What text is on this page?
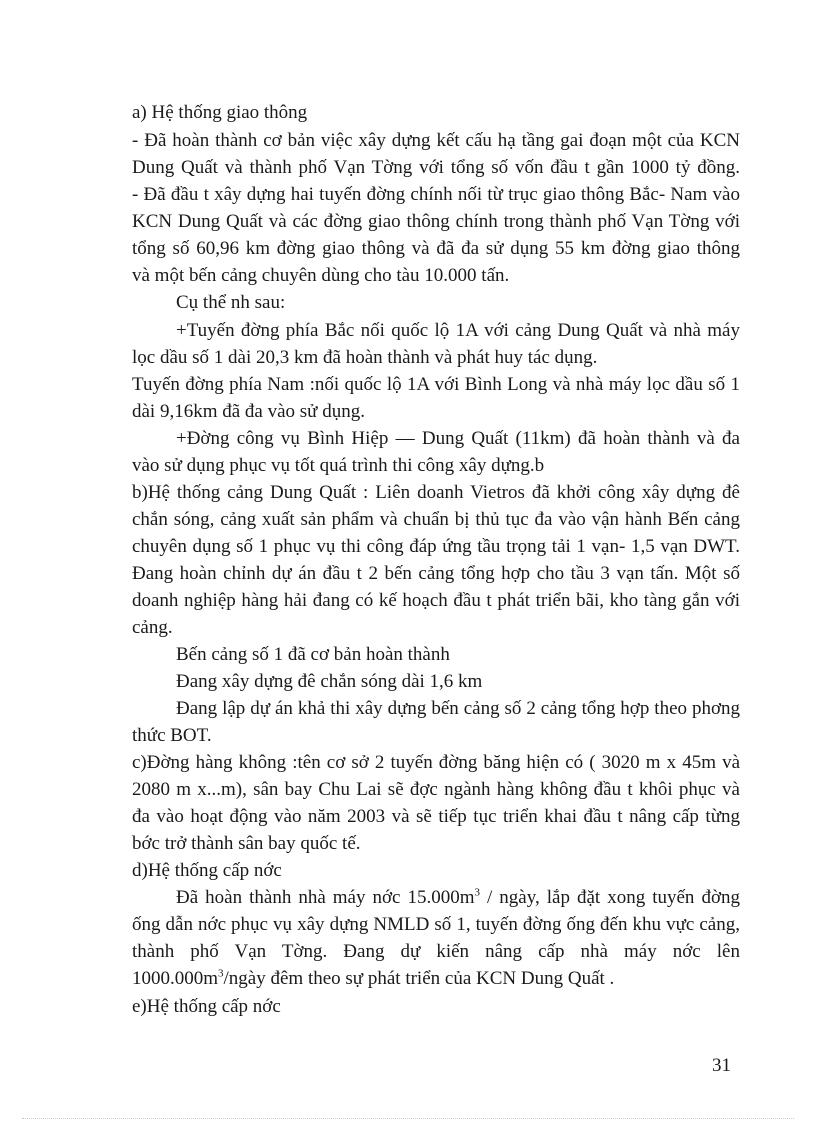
a) Hệ thống giao thông
- Đã hoàn thành cơ bản việc xây dựng kết cấu hạ tầng gai đoạn một của KCN
Dung Quất và thành phố Vạn Tờng với tổng số vốn đầu t gần 1000 tỷ đồng.
- Đã đầu t xây dựng hai tuyến đờng chính nối từ trục giao thông Bắc- Nam vào
KCN Dung Quất và các đờng giao thông chính trong thành phố Vạn Tờng với
tổng số 60,96 km đờng giao thông và đã đa sử dụng 55 km đờng giao thông
và một bến cảng chuyên dùng cho tàu 10.000 tấn.
Cụ thể nh sau:
+Tuyến đờng phía Bắc nối quốc lộ 1A với cảng Dung Quất và nhà máy
lọc dầu số 1 dài 20,3 km đã hoàn thành và phát huy tác dụng.
Tuyến đờng phía Nam :nối quốc lộ 1A với Bình Long và nhà máy lọc dầu số 1
dài 9,16km đã đa vào sử dụng.
+Đờng công vụ Bình Hiệp — Dung Quất (11km) đã hoàn thành và đa
vào sử dụng phục vụ tốt quá trình thi công xây dựng.b
b)Hệ thống cảng Dung Quất : Liên doanh Vietros đã khởi công xây dựng đê
chắn sóng, cảng xuất sản phẩm và chuẩn bị thủ tục đa vào vận hành Bến cảng
chuyên dụng số 1 phục vụ thi công đáp ứng tầu trọng tải 1 vạn- 1,5 vạn DWT.
Đang hoàn chỉnh dự án đầu t 2 bến cảng tổng hợp cho tầu 3 vạn tấn. Một số
doanh nghiệp hàng hải đang có kế hoạch đầu t phát triển bãi, kho tàng gắn với
cảng.
Bến cảng số 1 đã cơ bản hoàn thành
Đang xây dựng đê chắn sóng dài 1,6 km
Đang lập dự án khả thi xây dựng bến cảng số 2 cảng tổng hợp theo phơng
thức BOT.
c)Đờng hàng không :tên cơ sở 2 tuyến đờng băng hiện có ( 3020 m x 45m và
2080 m x...m), sân bay Chu Lai sẽ đợc ngành hàng không đầu t khôi phục và
đa vào hoạt động vào năm 2003 và sẽ tiếp tục triển khai đầu t nâng cấp từng
bớc trở thành sân bay quốc tế.
d)Hệ thống cấp nớc
Đã hoàn thành nhà máy nớc $15.000m^3$ / ngày, lắp đặt xong tuyến đờng
ống dẫn nớc phục vụ xây dựng NMLD số 1, tuyến đờng ống đến khu vực cảng,
thành phố Vạn Tờng. Đang dự kiến nâng cấp nhà máy nớc lên
$1000.000m^3$/ngày đêm theo sự phát triển của KCN Dung Quất .
e)Hệ thống cấp nớc
31
